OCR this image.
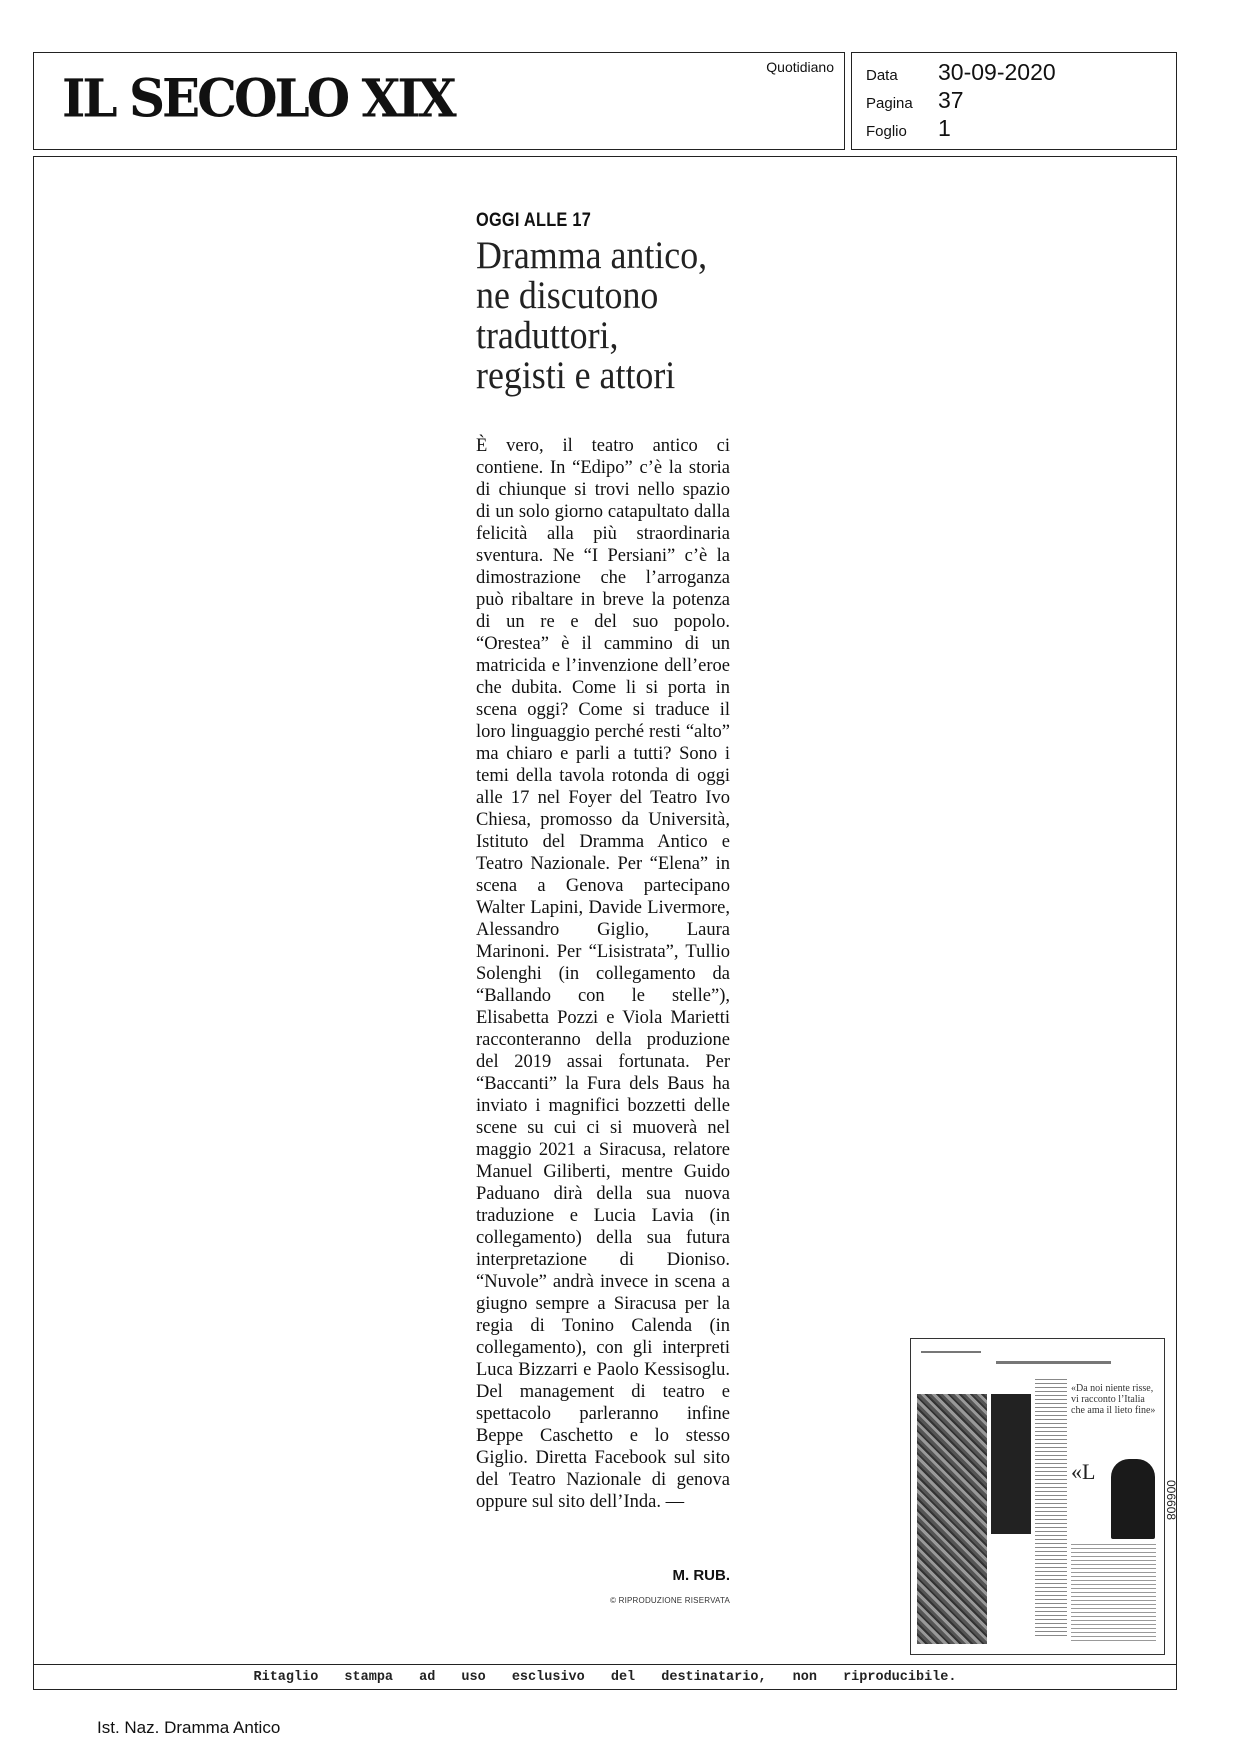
IL SECOLO XIX	Quotidiano Data	30-09-2020
Pagina	37
Foglio	1
OGGI ALLE 17
Dramma antico,
ne discutono
traduttori,
registi e attori
È vero, il teatro antico ci contiene. In “Edipo” c’è la storia di chiunque si trovi nello spazio di un solo giorno catapultato dalla felicità alla più straordinaria sventura. Ne “I Persiani” c’è la dimostrazione che l’arroganza può ribaltare in breve la potenza di un re e del suo popolo. “Orestea” è il cammino di un matricida e l’invenzione dell’eroe che dubita. Come li si porta in scena oggi? Come si traduce il loro linguaggio perché resti “alto” ma chiaro e parli a tutti? Sono i temi della tavola rotonda di oggi alle 17 nel Foyer del Teatro Ivo Chiesa, promosso da Università, Istituto del Dramma Antico e Teatro Nazionale. Per “Elena” in scena a Genova partecipano Walter Lapini, Davide Livermore, Alessandro Giglio, Laura Marinoni. Per “Lisistrata”, Tullio Solenghi (in collegamento da “Ballando con le stelle”), Elisabetta Pozzi e Viola Marietti racconteranno della produzione del 2019 assai fortunata. Per “Baccanti” la Fura dels Baus ha inviato i magnifici bozzetti delle scene su cui ci si muoverà nel maggio 2021 a Siracusa, relatore Manuel Giliberti, mentre Guido Paduano dirà della sua nuova traduzione e Lucia Lavia (in collegamento) della sua futura interpretazione di Dioniso. “Nuvole” andrà invece in scena a giugno sempre a Siracusa per la regia di Tonino Calenda (in collegamento), con gli interpreti Luca Bizzarri e Paolo Kessisoglu. Del management di teatro e spettacolo parleranno infine Beppe Caschetto e lo stesso Giglio. Diretta Facebook sul sito del Teatro Nazionale di genova oppure sul sito dell’Inda. —
M. RUB.
© RIPRODUZIONE RISERVATA
«Da noi niente risse, vi racconto l’Italia che ama il lieto fine»
«L
006608
Ritaglio stampa ad uso esclusivo del destinatario, non riproducibile.
Ist. Naz. Dramma Antico
